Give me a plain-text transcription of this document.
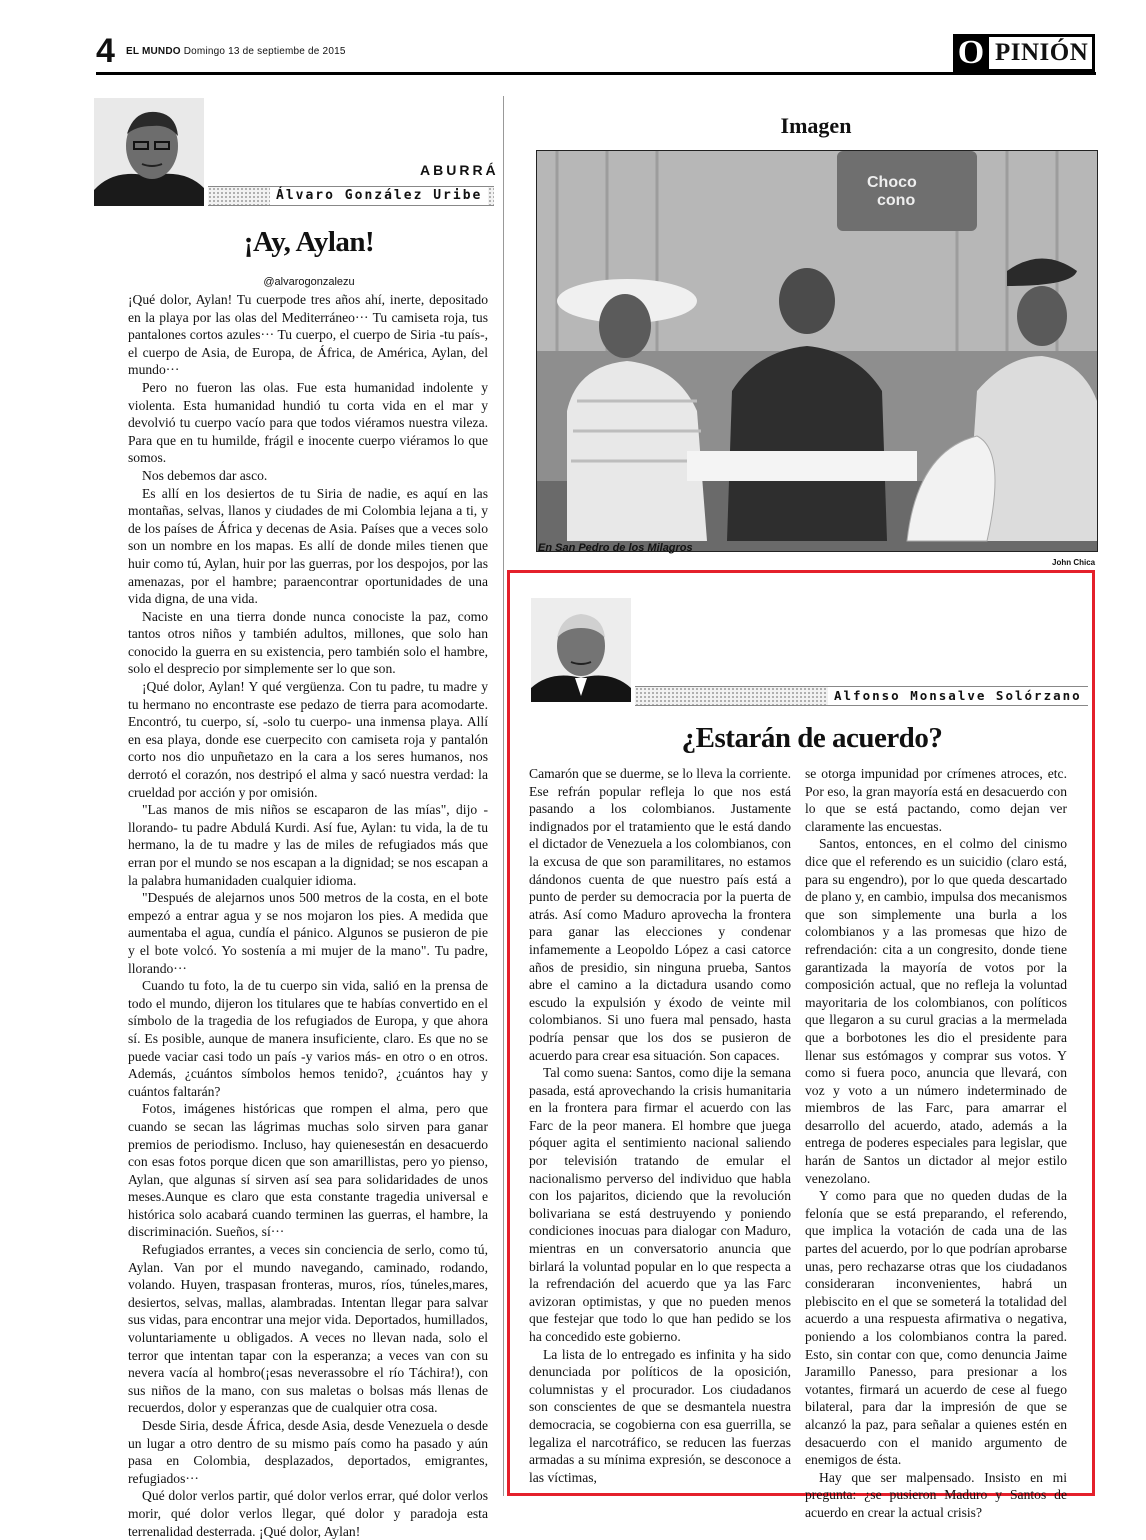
4 EL MUNDO Domingo 13 de septiembe de 2015	O PINIÓN
ABURRÁ
Álvaro González Uribe
¡Ay, Aylan!
@alvarogonzalezu

¡Qué dolor, Aylan! Tu cuerpode tres años ahí, inerte, depositado en la playa por las olas del Mediterráneo··· Tu camiseta roja, tus pantalones cortos azules··· Tu cuerpo, el cuerpo de Siria -tu país-, el cuerpo de Asia, de Europa, de África, de América, Aylan, del mundo···

Pero no fueron las olas. Fue esta humanidad indolente y violenta. Esta humanidad hundió tu corta vida en el mar y devolvió tu cuerpo vacío para que todos viéramos nuestra vileza. Para que en tu humilde, frágil e inocente cuerpo viéramos lo que somos.

Nos debemos dar asco.

Es allí en los desiertos de tu Siria de nadie, es aquí en las montañas, selvas, llanos y ciudades de mi Colombia lejana a ti, y de los países de África y decenas de Asia. Países que a veces solo son un nombre en los mapas. Es allí de donde miles tienen que huir como tú, Aylan, huir por las guerras, por los despojos, por las amenazas, por el hambre; paraencontrar oportunidades de una vida digna, de una vida.

Naciste en una tierra donde nunca conociste la paz, como tantos otros niños y también adultos, millones, que solo han conocido la guerra en su existencia, pero también solo el hambre, solo el desprecio por simplemente ser lo que son.

¡Qué dolor, Aylan! Y qué vergüenza. Con tu padre, tu madre y tu hermano no encontraste ese pedazo de tierra para acomodarte. Encontró, tu cuerpo, sí, -solo tu cuerpo- una inmensa playa. Allí en esa playa, donde ese cuerpecito con camiseta roja y pantalón corto nos dio unpuñetazo en la cara a los seres humanos, nos derrotó el corazón, nos destripó el alma y sacó nuestra verdad: la crueldad por acción y por omisión.

"Las manos de mis niños se escaparon de las mías", dijo -llorando- tu padre Abdulá Kurdi. Así fue, Aylan: tu vida, la de tu hermano, la de tu madre y las de miles de refugiados más que erran por el mundo se nos escapan a la dignidad; se nos escapan a la palabra humanidaden cualquier idioma.

"Después de alejarnos unos 500 metros de la costa, en el bote empezó a entrar agua y se nos mojaron los pies. A medida que aumentaba el agua, cundía el pánico. Algunos se pusieron de pie y el bote volcó. Yo sostenía a mi mujer de la mano". Tu padre, llorando···

Cuando tu foto, la de tu cuerpo sin vida, salió en la prensa de todo el mundo, dijeron los titulares que te habías convertido en el símbolo de la tragedia de los refugiados de Europa, y que ahora sí. Es posible, aunque de manera insuficiente, claro. Es que no se puede vaciar casi todo un país -y varios más- en otro o en otros. Además, ¿cuántos símbolos hemos tenido?, ¿cuántos hay y cuántos faltarán?

Fotos, imágenes históricas que rompen el alma, pero que cuando se secan las lágrimas muchas solo sirven para ganar premios de periodismo. Incluso, hay quienesestán en desacuerdo con esas fotos porque dicen que son amarillistas, pero yo pienso, Aylan, que algunas sí sirven así sea para solidaridades de unos meses.Aunque es claro que esta constante tragedia universal e histórica solo acabará cuando terminen las guerras, el hambre, la discriminación. Sueños, sí···

Refugiados errantes, a veces sin conciencia de serlo, como tú, Aylan. Van por el mundo navegando, caminado, rodando, volando. Huyen, traspasan fronteras, muros, ríos, túneles,mares, desiertos, selvas, mallas, alambradas. Intentan llegar para salvar sus vidas, para encontrar una mejor vida. Deportados, humillados, voluntariamente u obligados. A veces no llevan nada, solo el terror que intentan tapar con la esperanza; a veces van con su nevera vacía al hombro(¡esas neverassobre el río Táchira!), con sus niños de la mano, con sus maletas o bolsas más llenas de recuerdos, dolor y esperanzas que de cualquier otra cosa.

Desde Siria, desde África, desde Asia, desde Venezuela o desde un lugar a otro dentro de su mismo país como ha pasado y aún pasa en Colombia, desplazados, deportados, emigrantes, refugiados···

Qué dolor verlos partir, qué dolor verlos errar, qué dolor verlos morir, qué dolor verlos llegar, qué dolor y paradoja esta terrenalidad desterrada. ¡Qué dolor, Aylan!

Imagen
Choco
cono
En San Pedro de los Milagros
John Chica
Alfonso Monsalve Solórzano
¿Estarán de acuerdo?

Camarón que se duerme, se lo lleva la corriente. Ese refrán popular refleja lo que nos está pasando a los colombianos. Justamente indignados por el tratamiento que le está dando el dictador de Venezuela a los colombianos, con la excusa de que son paramilitares, no estamos dándonos cuenta de que nuestro país está a punto de perder su democracia por la puerta de atrás. Así como Maduro aprovecha la frontera para ganar las elecciones y condenar infamemente a Leopoldo López a casi catorce años de presidio, sin ninguna prueba, Santos abre el camino a la dictadura usando como escudo la expulsión y éxodo de veinte mil colombianos. Si uno fuera mal pensado, hasta podría pensar que los dos se pusieron de acuerdo para crear esa situación. Son capaces.

Tal como suena: Santos, como dije la semana pasada, está aprovechando la crisis humanitaria en la frontera para firmar el acuerdo con las Farc de la peor manera. El hombre que juega póquer agita el sentimiento nacional saliendo por televisión tratando de emular el nacionalismo perverso del individuo que habla con los pajaritos, diciendo que la revolución bolivariana se está destruyendo y poniendo condiciones inocuas para dialogar con Maduro, mientras en un conversatorio anuncia que birlará la voluntad popular en lo que respecta a la refrendación del acuerdo que ya las Farc avizoran optimistas, y que no pueden menos que festejar que todo lo que han pedido se los ha concedido este gobierno.

La lista de lo entregado es infinita y ha sido denunciada por políticos de la oposición, columnistas y el procurador. Los ciudadanos son conscientes de que se desmantela nuestra democracia, se cogobierna con esa guerrilla, se legaliza el narcotráfico, se reducen las fuerzas armadas a su mínima expresión, se desconoce a las víctimas,

se otorga impunidad por crímenes atroces, etc. Por eso, la gran mayoría está en desacuerdo con lo que se está pactando, como dejan ver claramente las encuestas.

Santos, entonces, en el colmo del cinismo dice que el referendo es un suicidio (claro está, para su engendro), por lo que queda descartado de plano y, en cambio, impulsa dos mecanismos que son simplemente una burla a los colombianos y a las promesas que hizo de refrendación: cita a un congresito, donde tiene garantizada la mayoría de votos por la composición actual, que no refleja la voluntad mayoritaria de los colombianos, con políticos que llegaron a su curul gracias a la mermelada que a borbotones les dio el presidente para llenar sus estómagos y comprar sus votos. Y como si fuera poco, anuncia que llevará, con voz y voto a un número indeterminado de miembros de las Farc, para amarrar el desarrollo del acuerdo, atado, además a la entrega de poderes especiales para legislar, que harán de Santos un dictador al mejor estilo venezolano.

Y como para que no queden dudas de la felonía que se está preparando, el referendo, que implica la votación de cada una de las partes del acuerdo, por lo que podrían aprobarse unas, pero rechazarse otras que los ciudadanos consideraran inconvenientes, habrá un plebiscito en el que se someterá la totalidad del acuerdo a una respuesta afirmativa o negativa, poniendo a los colombianos contra la pared. Esto, sin contar con que, como denuncia Jaime Jaramillo Panesso, para presionar a los votantes, firmará un acuerdo de cese al fuego bilateral, para dar la impresión de que se alcanzó la paz, para señalar a quienes estén en desacuerdo con el manido argumento de enemigos de ésta.

Hay que ser malpensado. Insisto en mi pregunta: ¿se pusieron Maduro y Santos de acuerdo en crear la actual crisis?
